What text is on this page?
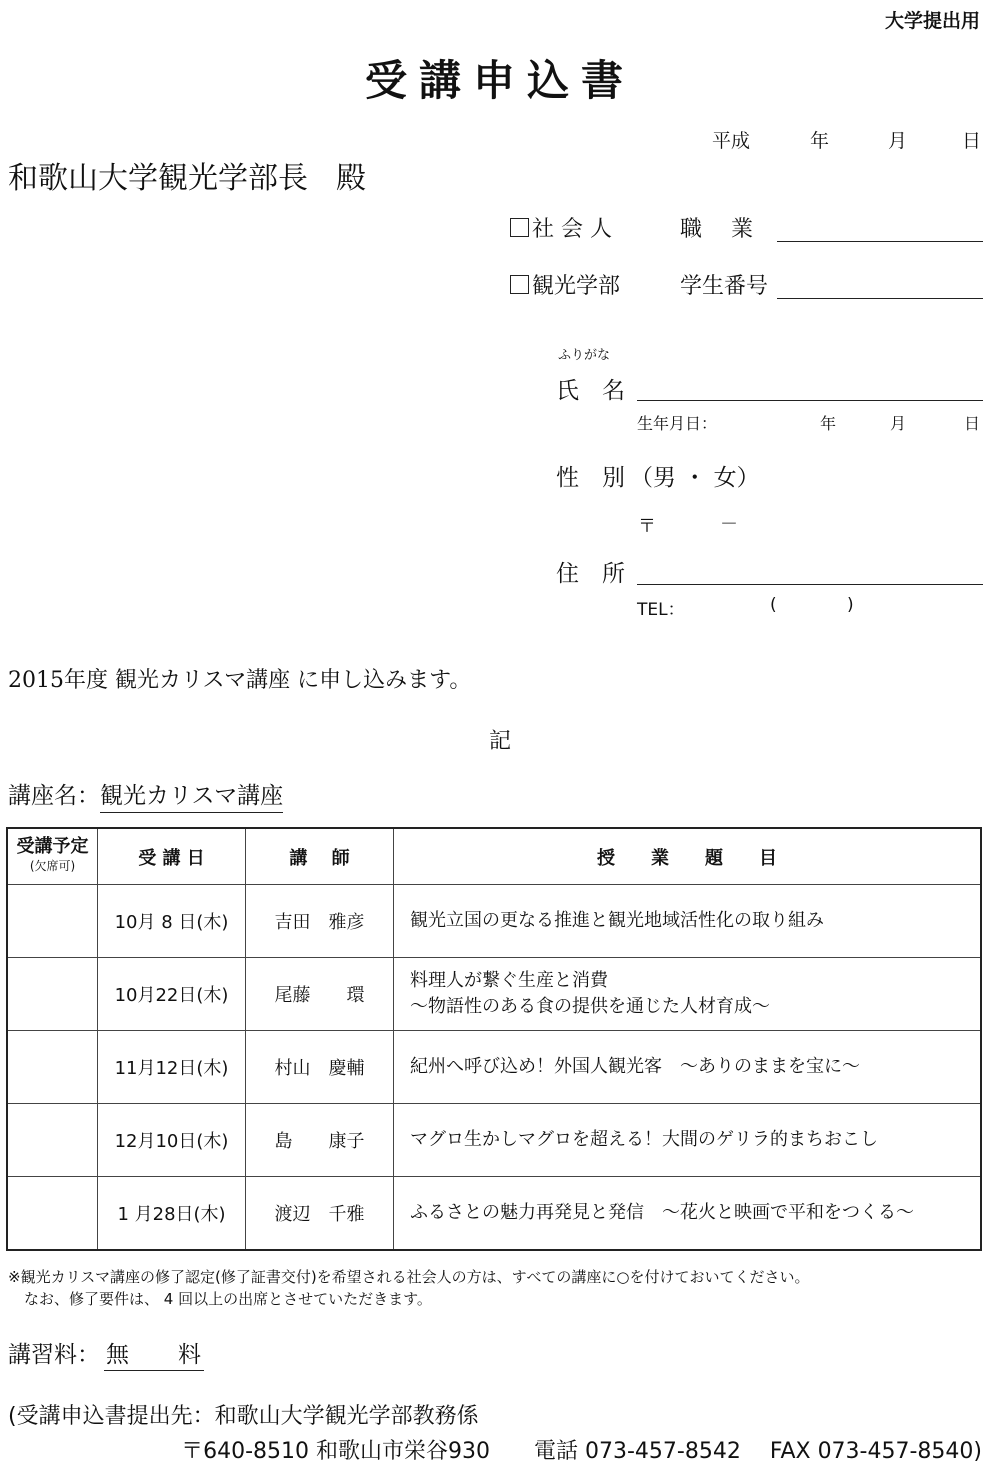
大学提出用
受講申込書
平成	年	月	日
和歌山大学観光学部長 殿
社 会 人	職　 業
観光学部	学生番号
ふりがな
氏　名
生年月日：	年	月	日
性　別 （男 ・ 女）
〒	－
住　所
TEL：	(	)
2015年度 観光カリスマ講座 に申し込みます。
記
講座名：観光カリスマ講座
受講予定
(欠席可)	受 講 日	講　 師	授　　業　　題　　目
	10月 8 日(木)	吉田　雅彦	観光立国の更なる推進と観光地域活性化の取り組み
	10月22日(木)	尾藤　　環	料理人が繋ぐ生産と消費
～物語性のある食の提供を通じた人材育成～
	11月12日(木)	村山　慶輔	紀州へ呼び込め！外国人観光客　～ありのままを宝に～
	12月10日(木)	島　　康子	マグロ生かしマグロを超える！大間のゲリラ的まちおこし
	1 月28日(木)	渡辺　千雅	ふるさとの魅力再発見と発信　～花火と映画で平和をつくる～
※観光カリスマ講座の修了認定(修了証書交付)を希望される社会人の方は、すべての講座に○を付けておいてください。
なお、修了要件は、 4 回以上の出席とさせていただきます。
講習料： 無　　料
(受講申込書提出先：和歌山大学観光学部教務係
〒640-8510 和歌山市栄谷930　　電話 073-457-8542　 FAX 073-457-8540)
